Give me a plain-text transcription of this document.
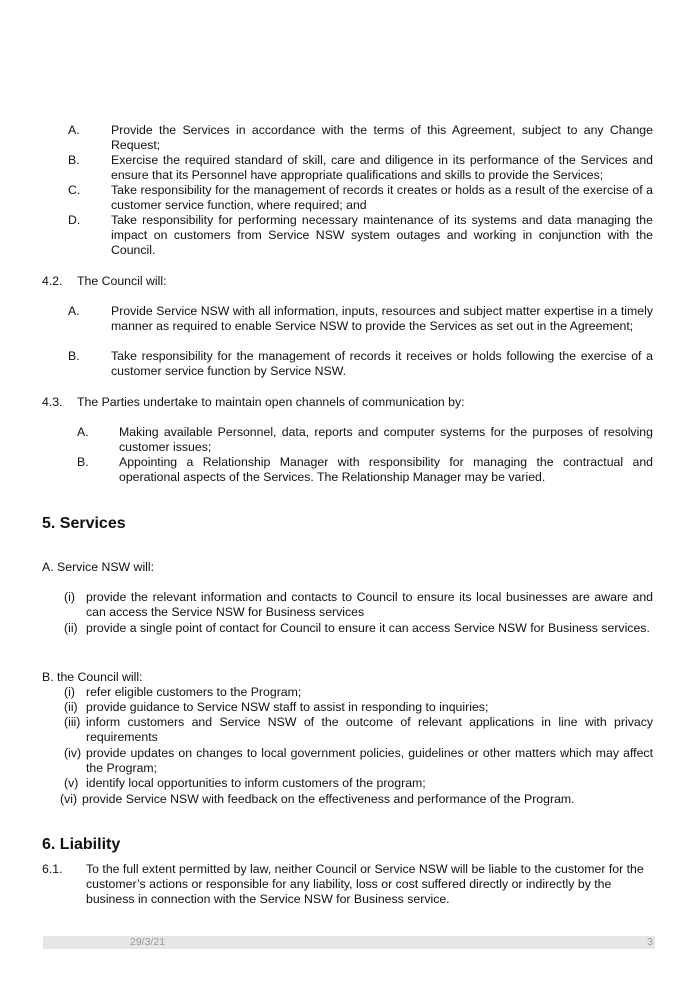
A.	Provide the Services in accordance with the terms of this Agreement, subject to any Change Request;
B.	Exercise the required standard of skill, care and diligence in its performance of the Services and ensure that its Personnel have appropriate qualifications and skills to provide the Services;
C. Take responsibility for the management of records it creates or holds as a result of the exercise of a customer service function, where required; and
D. Take responsibility for performing necessary maintenance of its systems and data managing the impact on customers from Service NSW system outages and working in conjunction with the Council.
4.2. The Council will:
A.	Provide Service NSW with all information, inputs, resources and subject matter expertise in a timely manner as required to enable Service NSW to provide the Services as set out in the Agreement;
B.	Take responsibility for the management of records it receives or holds following the exercise of a customer service function by Service NSW.
4.3. The Parties undertake to maintain open channels of communication by:
A. Making available Personnel, data, reports and computer systems for the purposes of resolving customer issues;
B. Appointing a Relationship Manager with responsibility for managing the contractual and operational aspects of the Services. The Relationship Manager may be varied.
5. Services
A. Service NSW will:
(i) provide the relevant information and contacts to Council to ensure its local businesses are aware and can access the Service NSW for Business services
(ii) provide a single point of contact for Council to ensure it can access Service NSW for Business services.
B. the Council will:
(i) refer eligible customers to the Program;
(ii) provide guidance to Service NSW staff to assist in responding to inquiries;
(iii) inform customers and Service NSW of the outcome of relevant applications in line with privacy requirements
(iv) provide updates on changes to local government policies, guidelines or other matters which may affect the Program;
(v) identify local opportunities to inform customers of the program;
(vi) provide Service NSW with feedback on the effectiveness and performance of the Program.
6. Liability
6.1. To the full extent permitted by law, neither Council or Service NSW will be liable to the customer for the customer’s actions or responsible for any liability, loss or cost suffered directly or indirectly by the business in connection with the Service NSW for Business service.
29/3/21	3
